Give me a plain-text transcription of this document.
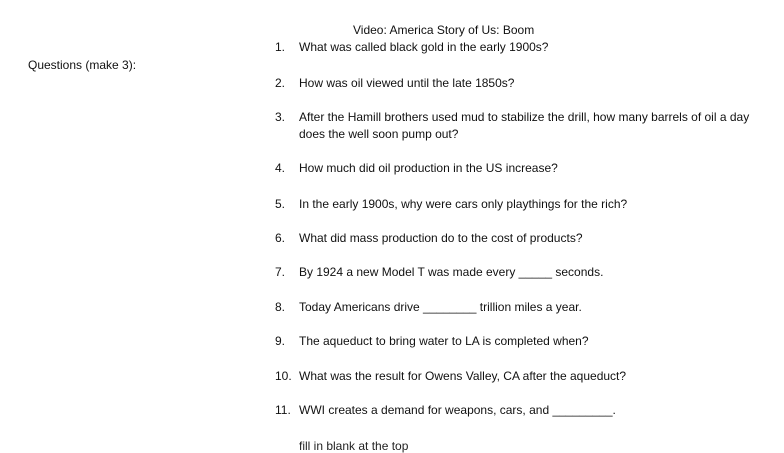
Video: America Story of Us: Boom
Questions (make 3):
1.	What was called black gold in the early 1900s?
2.	How was oil viewed until the late 1850s?
3.	After the Hamill brothers used mud to stabilize the drill, how many barrels of oil a day does the well soon pump out?
4.	How much did oil production in the US increase?
5.	In the early 1900s, why were cars only playthings for the rich?
6.	What did mass production do to the cost of products?
7.	By 1924 a new Model T was made every _____ seconds.
8.	Today Americans drive ________ trillion miles a year.
9.	The aqueduct to bring water to LA is completed when?
10. What was the result for Owens Valley, CA after the aqueduct?
11. WWI creates a demand for weapons, cars, and _________.
fill in blank at the top
